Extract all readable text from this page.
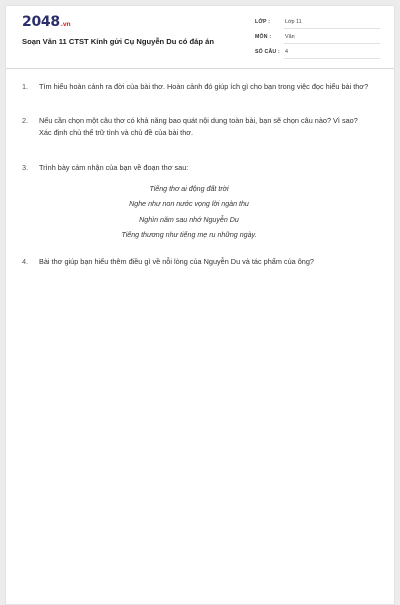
2048.vn
Soạn Văn 11 CTST Kính gửi Cụ Nguyễn Du có đáp án
LỚP :	Lớp 11
MÔN :	Văn
SỐ CÂU : 4
1.	Tìm hiểu hoàn cảnh ra đời của bài thơ. Hoàn cảnh đó giúp ích gì cho bạn trong việc đọc hiểu bài thơ?
2.	Nếu cần chọn một câu thơ có khả năng bao quát nội dung toàn bài, bạn sẽ chọn câu nào? Vì sao? Xác định chủ thể trữ tình và chủ đề của bài thơ.
3.	Trình bày cảm nhận của bạn về đoạn thơ sau:
Tiếng thơ ai động đất trời
Nghe như non nước vọng lời ngàn thu
Nghìn năm sau nhớ Nguyễn Du
Tiếng thương như tiếng mẹ ru những ngày.
4.	Bài thơ giúp bạn hiểu thêm điều gì về nỗi lòng của Nguyễn Du và tác phẩm của ông?
